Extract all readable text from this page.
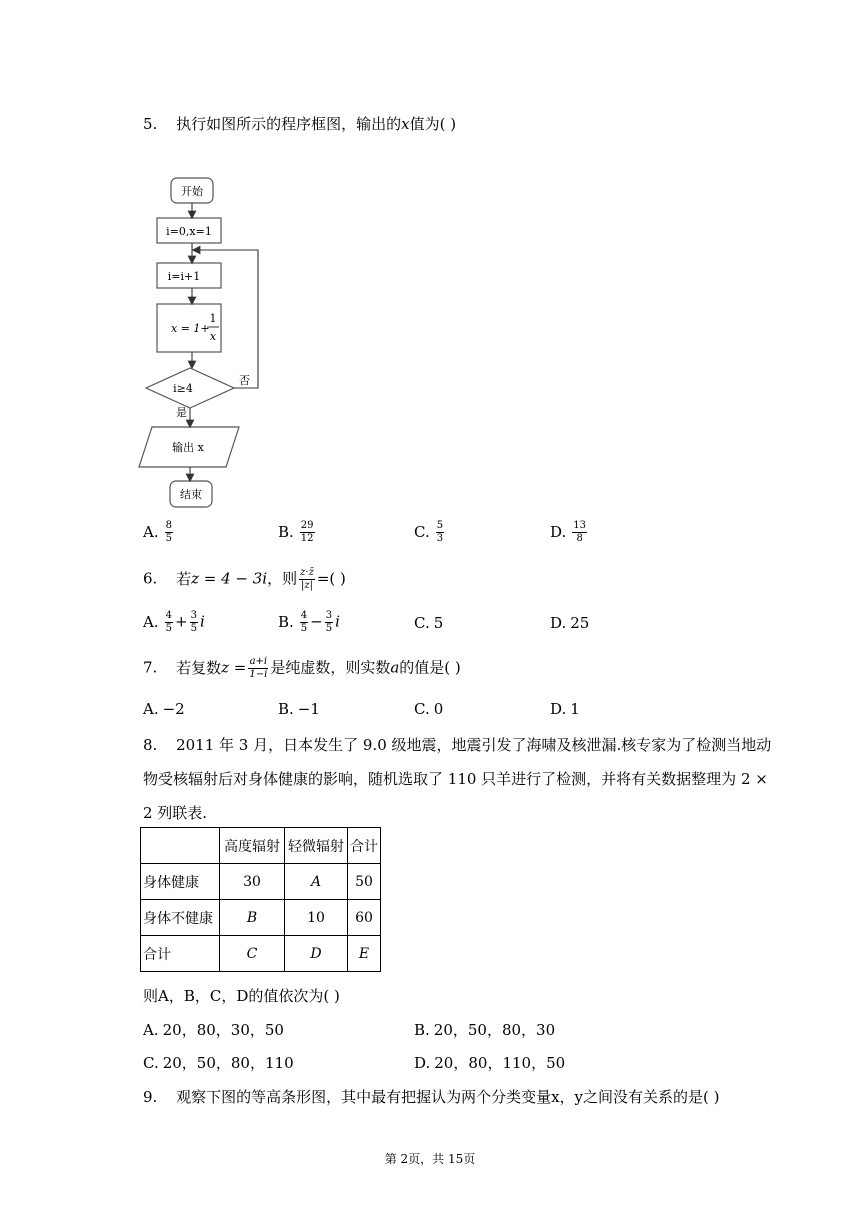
5. 执行如图所示的程序框图，输出的x值为( )
开始
i=0,x=1
i=i+1
x = 1+
1
x
i≥4
否
是
输出 x
结束
A. $\frac{8}{5}$	B. $\frac{29}{12}$	C. $\frac{5}{3}$	D. $\frac{13}{8}$
6. 若z = 4 − 3i，则 $\frac{z\cdot z̄}{|z|}$ =( )
A. $\frac{4}{5} + \frac{3}{5}$ i	B. $\frac{4}{5} - \frac{3}{5}$ i	C. 5	D. 25
7. 若复数$z = \frac{a+i}{1-i}$ 是纯虚数，则实数a的值是( )
A. −2	B. −1	C. 0	D. 1
8. 2011 年 3 月，日本发生了 9.0 级地震，地震引发了海啸及核泄漏.核专家为了检测当地动
物受核辐射后对身体健康的影响，随机选取了 110 只羊进行了检测，并将有关数据整理为 2 ×
2 列联表.
	高度辐射	轻微辐射	合计
身体健康	30	A	50
身体不健康	B	10	60
合计	C	D	E
则A，B，C，D的值依次为( )
A. 20，80，30，50	B. 20，50，80，30
C. 20，50，80，110	D. 20，80，110，50
9. 观察下图的等高条形图，其中最有把握认为两个分类变量x，y之间没有关系的是( )
第 2页，共 15页
